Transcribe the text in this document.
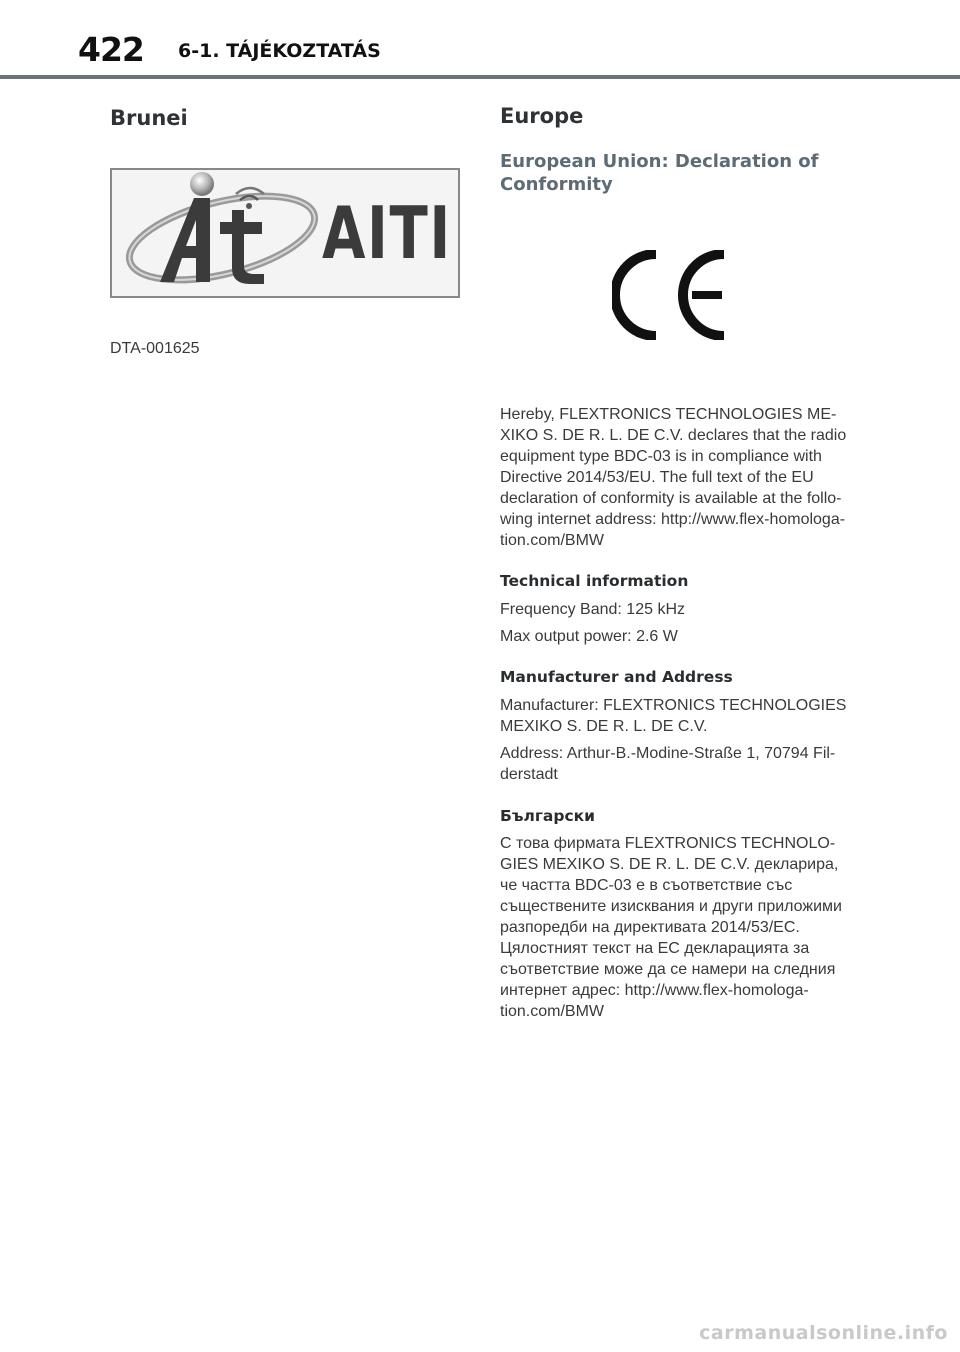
422 6-1. TÁJÉKOZTATÁS
Brunei
AITI
DTA-001625
Europe
European Union: Declaration of Conformity

Hereby, FLEXTRONICS TECHNOLOGIES ME-

XIKO S. DE R. L. DE C.V. declares that the radio

equipment type BDC-03 is in compliance with

Directive 2014/53/EU. The full text of the EU

declaration of conformity is available at the follo-

wing internet address: http://www.flex-homologa-

tion.com/BMW

Technical information

Frequency Band: 125 kHz

Max output power: 2.6 W

Manufacturer and Address

Manufacturer: FLEXTRONICS TECHNOLOGIES

MEXIKO S. DE R. L. DE C.V.

Address: Arthur-B.-Modine-Straße 1, 70794 Fil-

derstadt

Български

С това фирмата FLEXTRONICS TECHNOLO-

GIES MEXIKO S. DE R. L. DE C.V. декларира,

че частта BDC-03 е в съответствие със

съществените изисквания и други приложими

разпоредби на директивата 2014/53/EC.

Цялостният текст на ЕС декларацията за

съответствие може да се намери на следния

интернет адрес: http://www.flex-homologa-

tion.com/BMW

carmanualsonline.info
